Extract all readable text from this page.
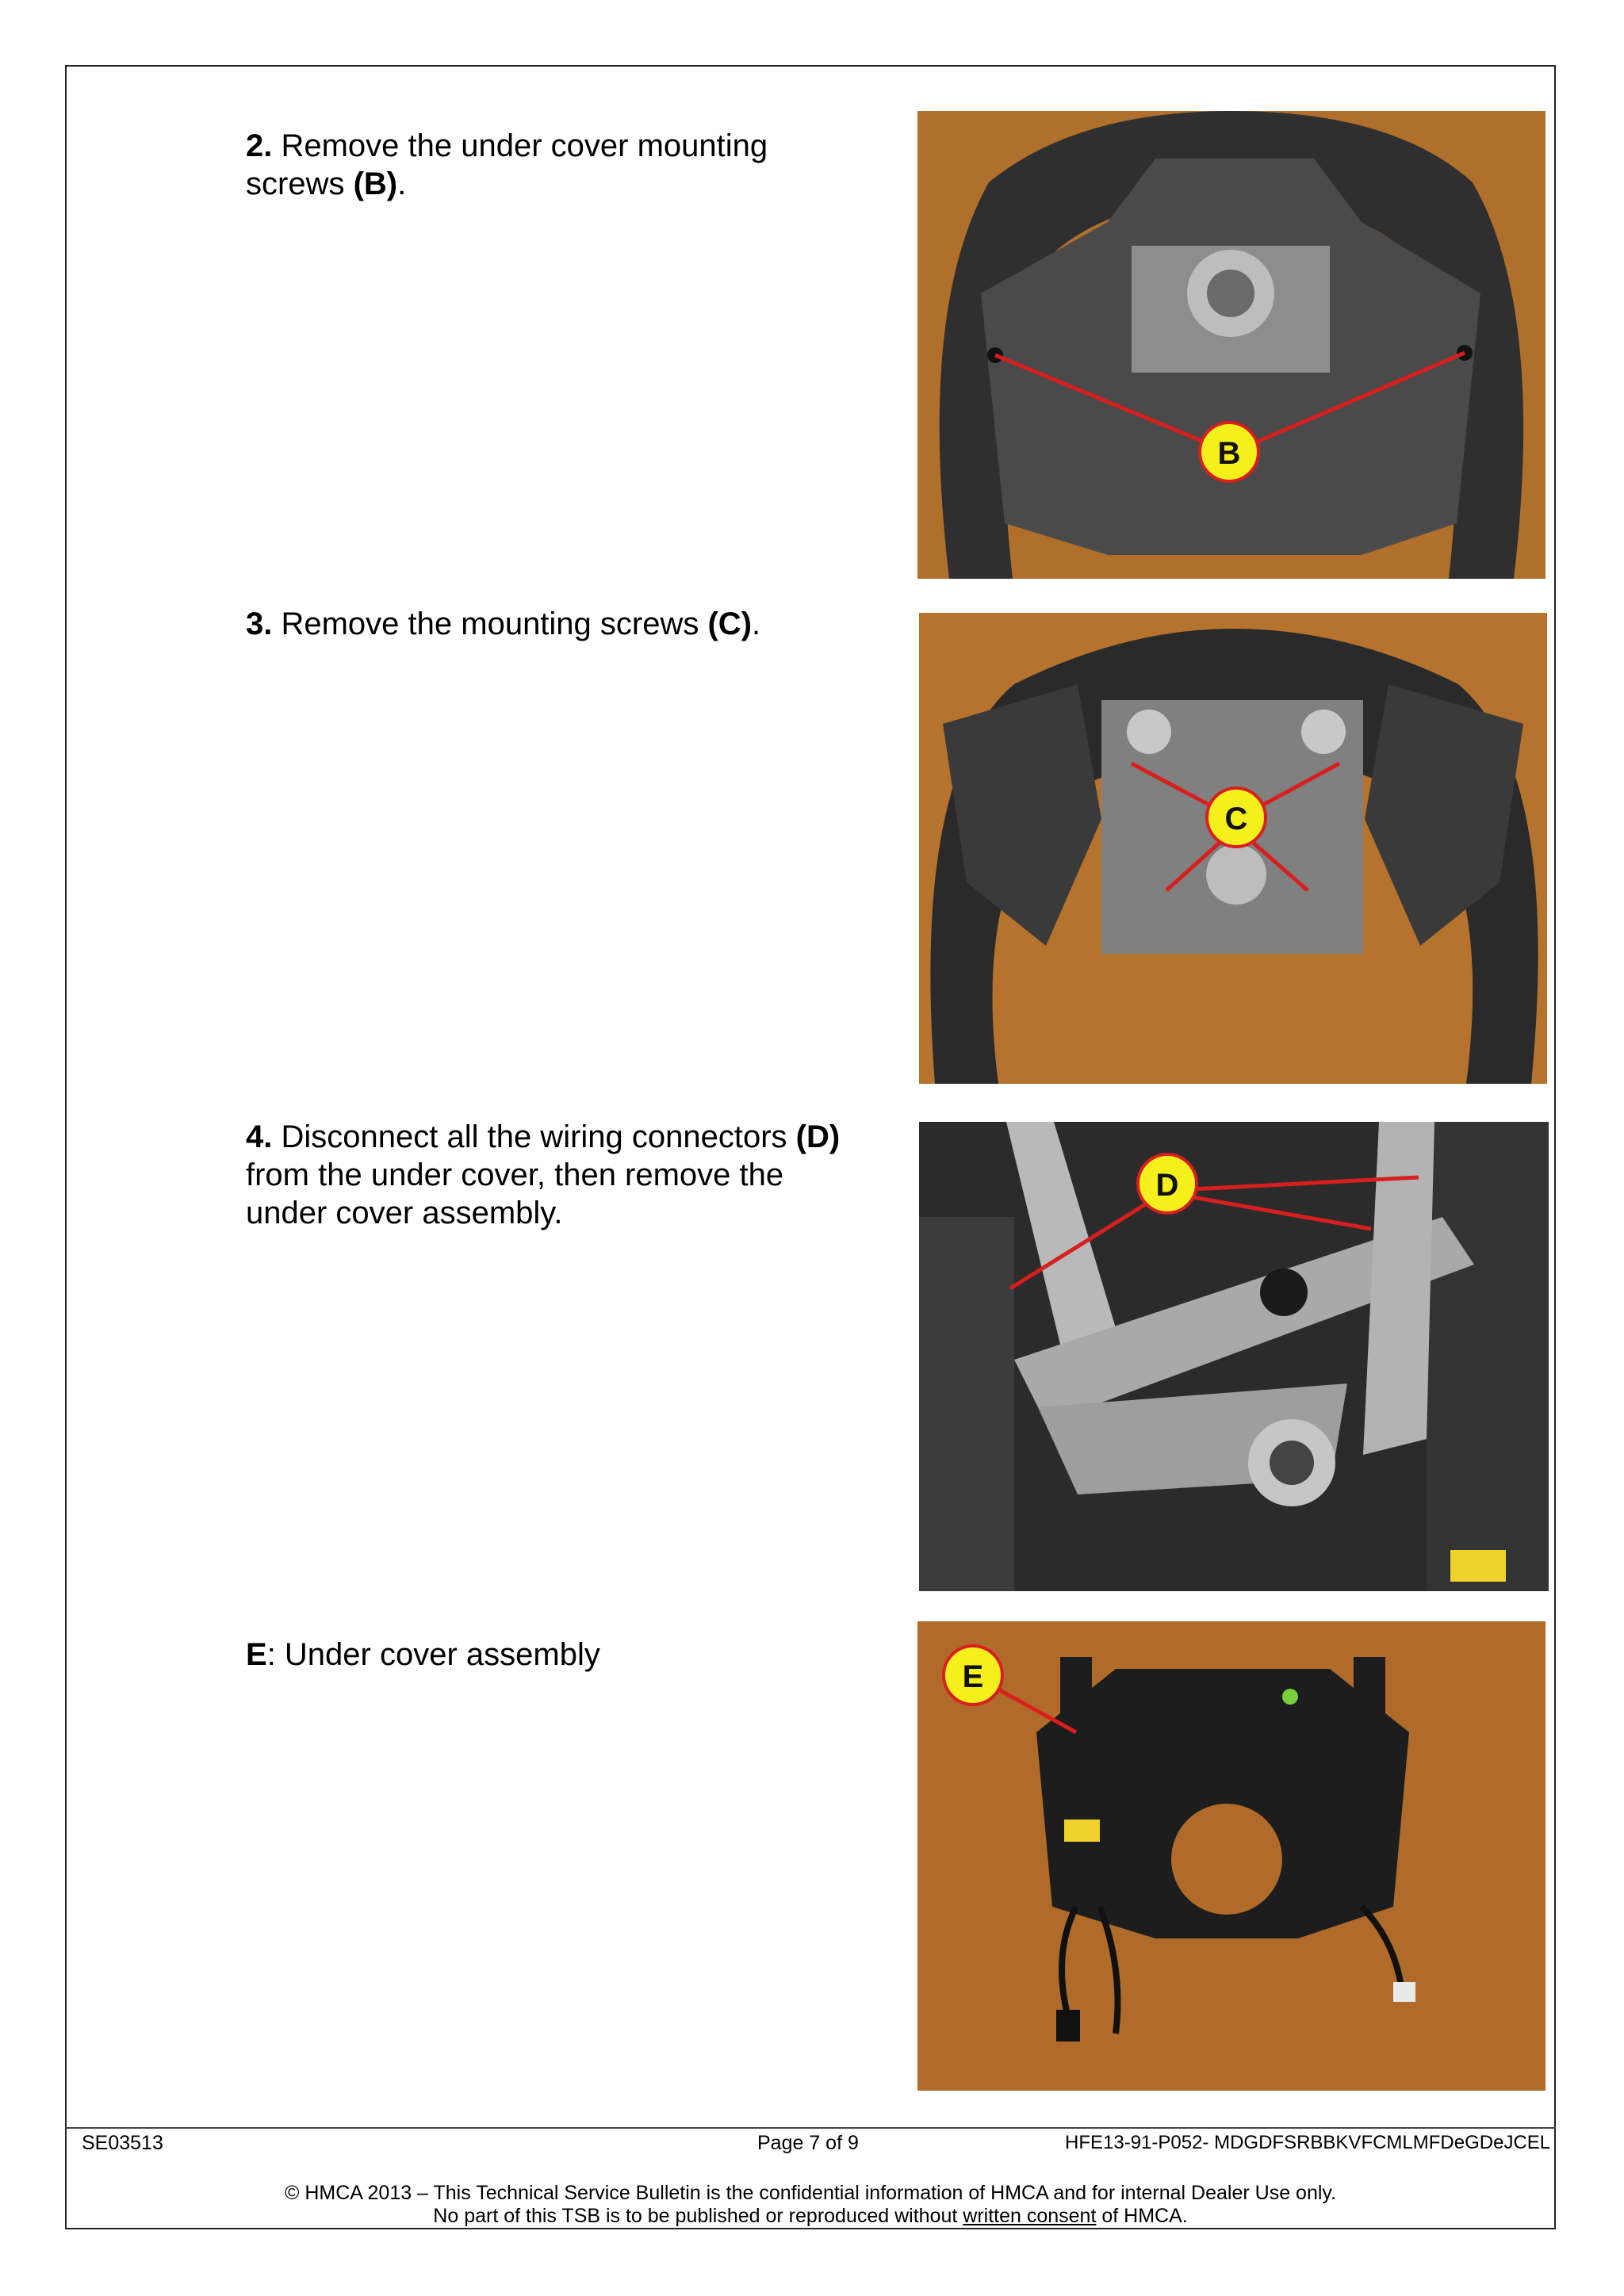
2. Remove the under cover mounting
screws (B).
3. Remove the mounting screws (C).
4. Disconnect all the wiring connectors (D)
from the under cover, then remove the
under cover assembly.
E: Under cover assembly
B
C
D
E
SE03513	Page 7 of 9	HFE13-91-P052- MDGDFSRBBKVFCMLMFDeGDeJCEL
© HMCA 2013 – This Technical Service Bulletin is the confidential information of HMCA and for internal Dealer Use only.
No part of this TSB is to be published or reproduced without written consent of HMCA.
